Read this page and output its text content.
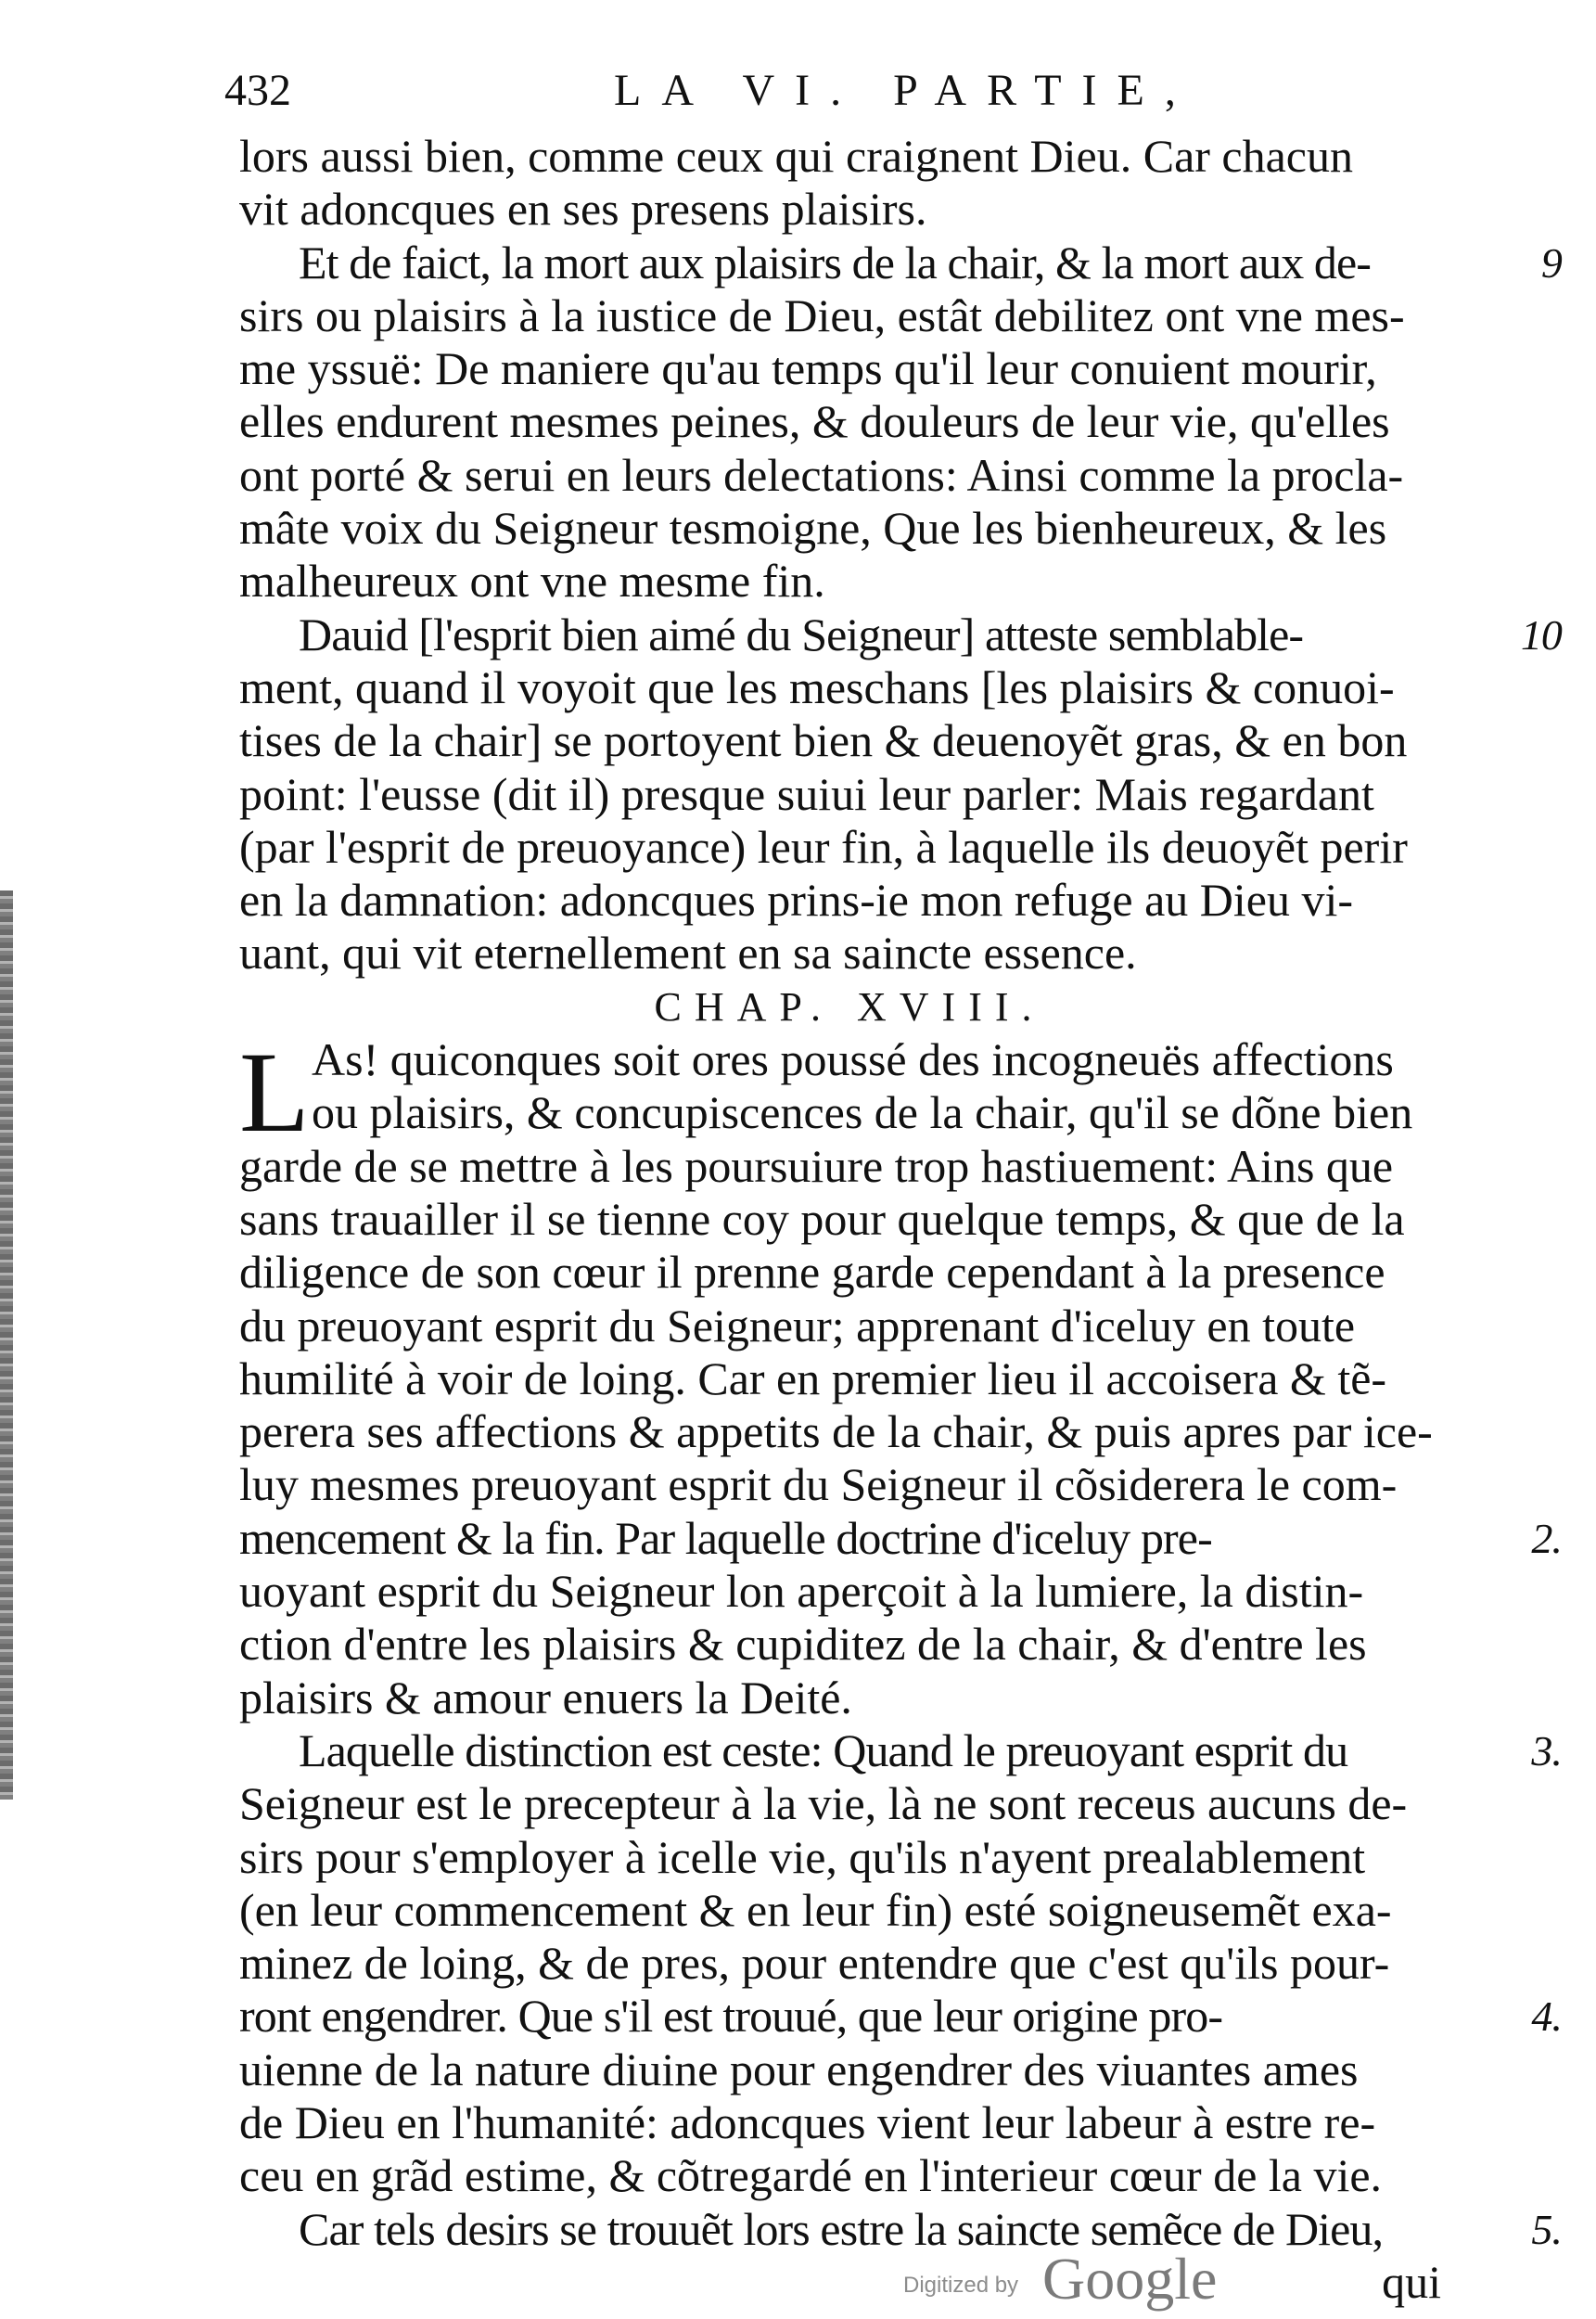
432	LA VI. PARTIE,
lors aussi bien, comme ceux qui craignent Dieu. Car chacun
vit adoncques en ses presens plaisirs.
Et de faict, la mort aux plaisirs de la chair, & la mort aux de-	9
sirs ou plaisirs à la iustice de Dieu, estât debilitez ont vne mes-
me yssuë: De maniere qu'au temps qu'il leur conuient mourir,
elles endurent mesmes peines, & douleurs de leur vie, qu'elles
ont porté & serui en leurs delectations: Ainsi comme la procla-
mâte voix du Seigneur tesmoigne, Que les bienheureux, & les
malheureux ont vne mesme fin.
Dauid [l'esprit bien aimé du Seigneur] atteste semblable-	10
ment, quand il voyoit que les meschans [les plaisirs & conuoi-
tises de la chair] se portoyent bien & deuenoyẽt gras, & en bon
point: l'eusse (dit il) presque suiui leur parler: Mais regardant
(par l'esprit de preuoyance) leur fin, à laquelle ils deuoyẽt perir
en la damnation: adoncques prins-ie mon refuge au Dieu vi-
uant, qui vit eternellement en sa saincte essence.
CHAP. XVIII.
L As! quiconques soit ores poussé des incogneuës affections
ou plaisirs, & concupiscences de la chair, qu'il se dõne bien
garde de se mettre à les poursuiure trop hastiuement: Ains que
sans trauailler il se tienne coy pour quelque temps, & que de la
diligence de son cœur il prenne garde cependant à la presence
du preuoyant esprit du Seigneur; apprenant d'iceluy en toute
humilité à voir de loing. Car en premier lieu il accoisera & tẽ-
perera ses affections & appetits de la chair, & puis apres par ice-
luy mesmes preuoyant esprit du Seigneur il cõsiderera le com-
mencement & la fin. Par laquelle doctrine d'iceluy pre-	2.
uoyant esprit du Seigneur lon aperçoit à la lumiere, la distin-
ction d'entre les plaisirs & cupiditez de la chair, & d'entre les
plaisirs & amour enuers la Deité.
Laquelle distinction est ceste: Quand le preuoyant esprit du	3.
Seigneur est le precepteur à la vie, là ne sont receus aucuns de-
sirs pour s'employer à icelle vie, qu'ils n'ayent prealablement
(en leur commencement & en leur fin) esté soigneusemẽt exa-
minez de loing, & de pres, pour entendre que c'est qu'ils pour-
ront engendrer. Que s'il est trouué, que leur origine pro-	4.
uienne de la nature diuine pour engendrer des viuantes ames
de Dieu en l'humanité: adoncques vient leur labeur à estre re-
ceu en grãd estime, & cõtregardé en l'interieur cœur de la vie.
Car tels desirs se trouuẽt lors estre la saincte semẽce de Dieu,	5.
qui
Digitized by Google
